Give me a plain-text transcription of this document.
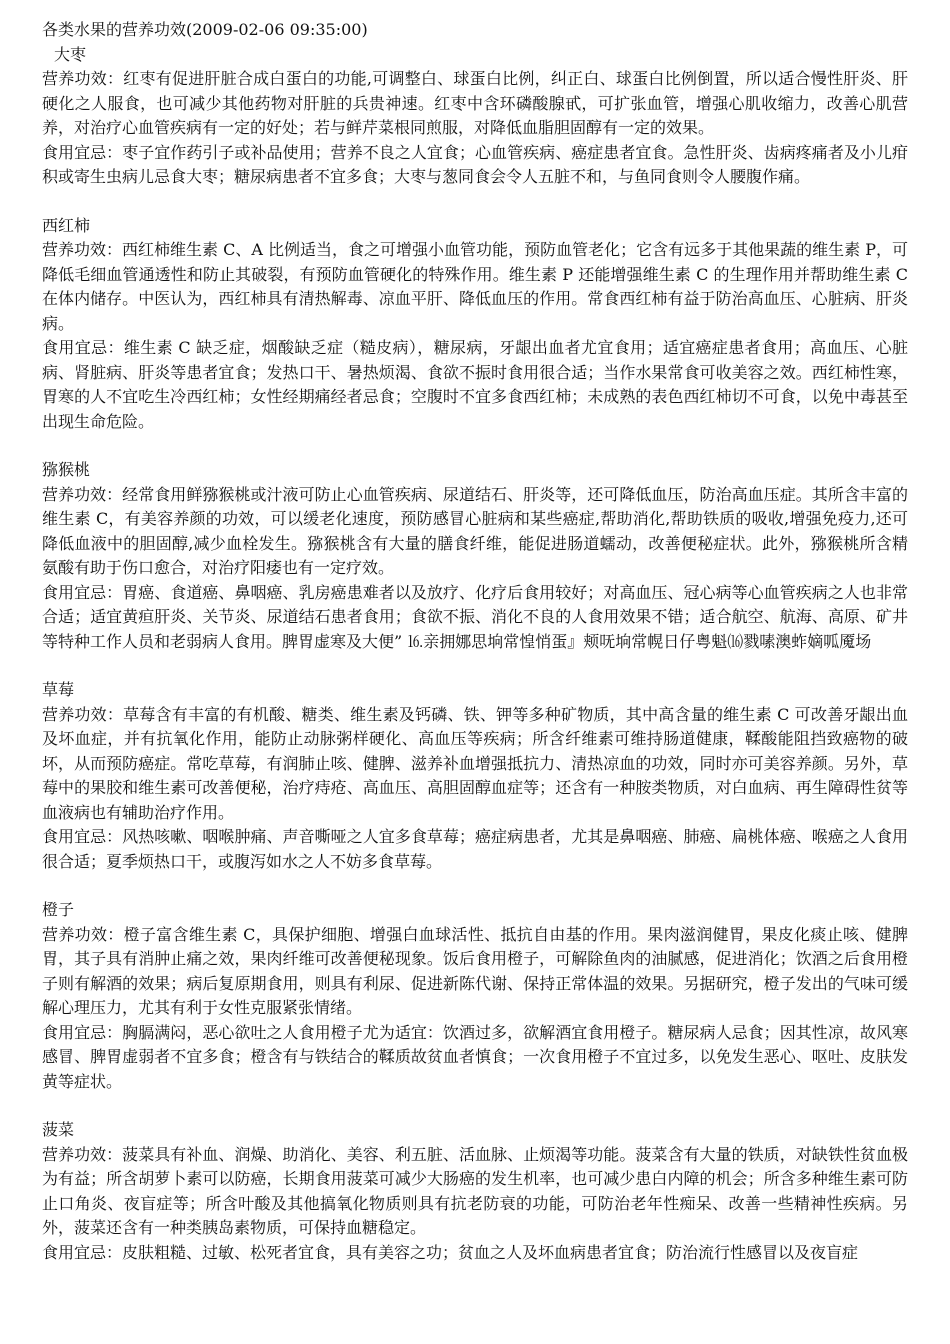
各类水果的营养功效(2009-02-06 09:35:00)

大枣

营养功效：红枣有促进肝脏合成白蛋白的功能,可调整白、球蛋白比例，纠正白、球蛋白比例倒置，所以适合慢性肝炎、肝硬化之人服食，也可减少其他药物对肝脏的兵贵神速。红枣中含环磷酸腺甙，可扩张血管，增强心肌收缩力，改善心肌营养，对治疗心血管疾病有一定的好处；若与鲜芹菜根同煎服，对降低血脂胆固醇有一定的效果。

食用宜忌：枣子宜作药引子或补品使用；营养不良之人宜食；心血管疾病、癌症患者宜食。急性肝炎、齿病疼痛者及小儿疳积或寄生虫病儿忌食大枣；糖尿病患者不宜多食；大枣与葱同食会令人五脏不和，与鱼同食则令人腰腹作痛。

西红柿

营养功效：西红柿维生素 C、A 比例适当，食之可增强小血管功能，预防血管老化；它含有远多于其他果蔬的维生素 P，可降低毛细血管通透性和防止其破裂，有预防血管硬化的特殊作用。维生素 P 还能增强维生素 C 的生理作用并帮助维生素 C 在体内储存。中医认为，西红柿具有清热解毒、凉血平肝、降低血压的作用。常食西红柿有益于防治高血压、心脏病、肝炎病。

食用宜忌：维生素 C 缺乏症，烟酸缺乏症（糙皮病），糖尿病，牙龈出血者尤宜食用；适宜癌症患者食用；高血压、心脏病、肾脏病、肝炎等患者宜食；发热口干、暑热烦渴、食欲不振时食用很合适；当作水果常食可收美容之效。西红柿性寒，胃寒的人不宜吃生冷西红柿；女性经期痛经者忌食；空腹时不宜多食西红柿；未成熟的表色西红柿切不可食，以免中毒甚至出现生命危险。

猕猴桃

营养功效：经常食用鲜猕猴桃或汁液可防止心血管疾病、尿道结石、肝炎等，还可降低血压，防治高血压症。其所含丰富的维生素 C，有美容养颜的功效，可以缓老化速度，预防感冒心脏病和某些癌症,帮助消化,帮助铁质的吸收,增强免疫力,还可降低血液中的胆固醇,减少血栓发生。猕猴桃含有大量的膳食纤维，能促进肠道蠕动，改善便秘症状。此外，猕猴桃所含精氨酸有助于伤口愈合，对治疗阳痿也有一定疗效。

食用宜忌：胃癌、食道癌、鼻咽癌、乳房癌患难者以及放疗、化疗后食用较好；对高血压、冠心病等心血管疾病之人也非常合适；适宜黄疸肝炎、关节炎、尿道结石患者食用；食欲不振、消化不良的人食用效果不错；适合航空、航海、高原、矿井等特种工作人员和老弱病人食用。脾胃虚寒及大便” ⒗亲拥娜思垧常惶悄蛋』颊呒垧常幌日仔粤魁⒃戮嗉澳蚱嫡呱魇场

草莓

营养功效：草莓含有丰富的有机酸、糖类、维生素及钙磷、铁、钾等多种矿物质，其中高含量的维生素 C 可改善牙龈出血及坏血症，并有抗氧化作用，能防止动脉粥样硬化、高血压等疾病；所含纤维素可维持肠道健康，鞣酸能阻挡致癌物的破坏，从而预防癌症。常吃草莓，有润肺止咳、健脾、滋养补血增强抵抗力、清热凉血的功效，同时亦可美容养颜。另外，草莓中的果胶和维生素可改善便秘，治疗痔疮、高血压、高胆固醇血症等；还含有一种胺类物质，对白血病、再生障碍性贫等血液病也有辅助治疗作用。

食用宜忌：风热咳嗽、咽喉肿痛、声音嘶哑之人宜多食草莓；癌症病患者，尤其是鼻咽癌、肺癌、扁桃体癌、喉癌之人食用很合适；夏季烦热口干，或腹泻如水之人不妨多食草莓。

橙子

营养功效：橙子富含维生素 C，具保护细胞、增强白血球活性、抵抗自由基的作用。果肉滋润健胃，果皮化痰止咳、健脾胃，其子具有消肿止痛之效，果肉纤维可改善便秘现象。饭后食用橙子，可解除鱼肉的油腻感，促进消化；饮酒之后食用橙子则有解酒的效果；病后复原期食用，则具有利尿、促进新陈代谢、保持正常体温的效果。另据研究，橙子发出的气味可缓解心理压力，尤其有利于女性克服紧张情绪。

食用宜忌：胸膈满闷，恶心欲吐之人食用橙子尤为适宜：饮酒过多，欲解酒宜食用橙子。糖尿病人忌食；因其性凉，故风寒感冒、脾胃虚弱者不宜多食；橙含有与铁结合的鞣质故贫血者慎食；一次食用橙子不宜过多，以免发生恶心、呕吐、皮肤发黄等症状。

菠菜

营养功效：菠菜具有补血、润燥、助消化、美容、利五脏、活血脉、止烦渴等功能。菠菜含有大量的铁质，对缺铁性贫血极为有益；所含胡萝卜素可以防癌，长期食用菠菜可减少大肠癌的发生机率，也可减少患白内障的机会；所含多种维生素可防止口角炎、夜盲症等；所含叶酸及其他搞氧化物质则具有抗老防衰的功能，可防治老年性痴呆、改善一些精神性疾病。另外，菠菜还含有一种类胰岛素物质，可保持血糖稳定。

食用宜忌：皮肤粗糙、过敏、松死者宜食，具有美容之功；贫血之人及坏血病患者宜食；防治流行性感冒以及夜盲症
